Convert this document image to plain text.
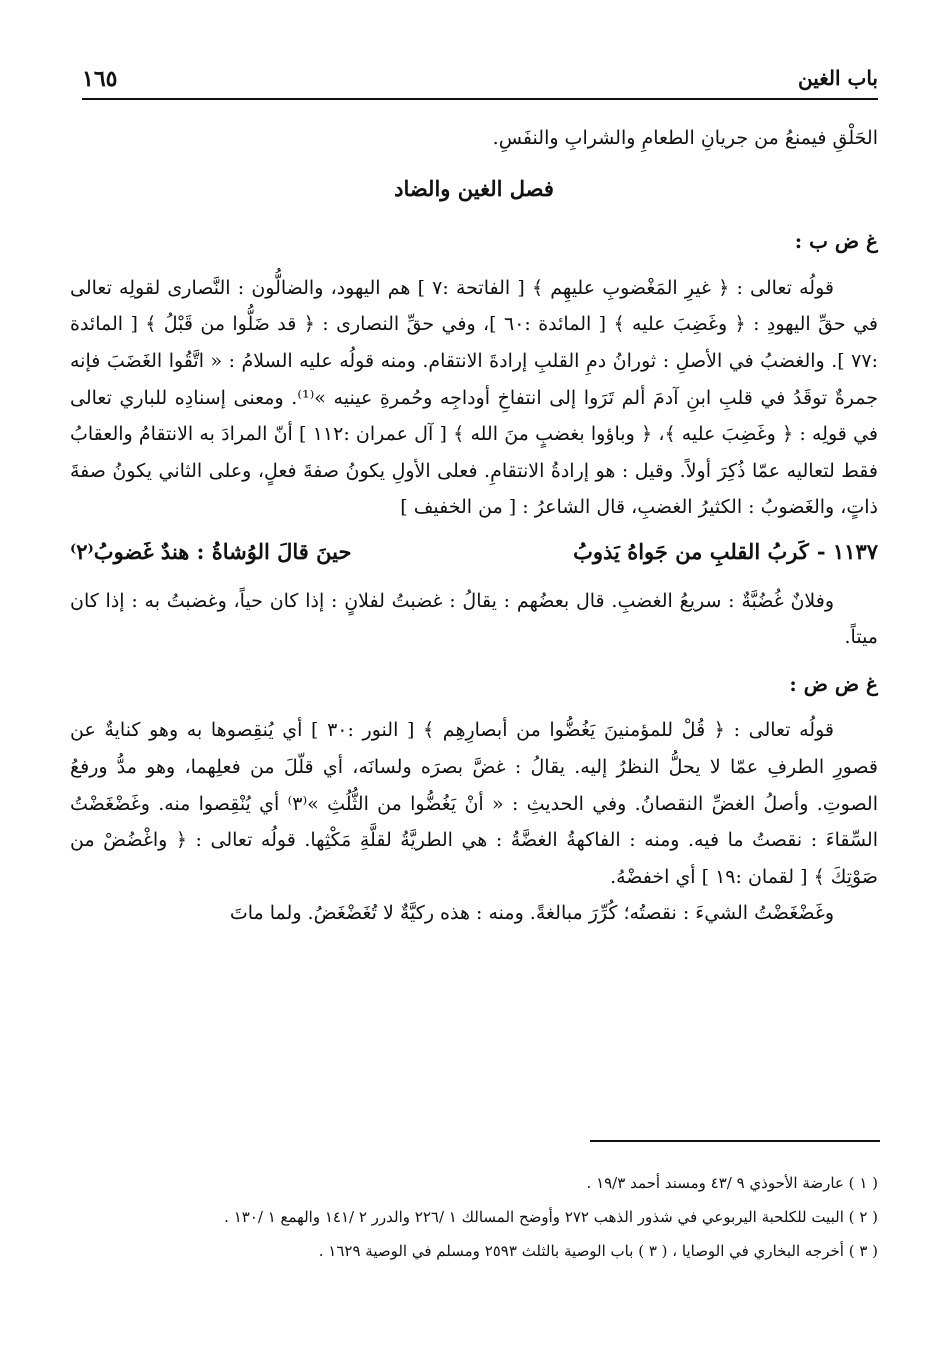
باب الغين
١٦٥

الحَلْقِ فيمنعُ من جريانِ الطعامِ والشرابِ والنفَسِ.

فصل الغين والضاد

غ ض ب :

قولُه تعالى : ﴿ غيرِ المَغْضوبِ عليهِم ﴾ [ الفاتحة :٧ ] هم اليهود، والضالُّون : النَّصارى لقولِه تعالى في حقِّ اليهودِ : ﴿ وغَضِبَ عليه ﴾ [ المائدة :٦٠ ]، وفي حقِّ النصارى : ﴿ قد ضَلُّوا من قَبْلُ ﴾ [ المائدة :٧٧ ]. والغضبُ في الأصلِ : ثورانُ دمِ القلبِ إرادةَ الانتقام. ومنه قولُه عليه السلامُ : « اتَّقُوا الغَضَبَ فإنه جمرةٌ توقَدُ في قلبِ ابنِ آدمَ ألم تَرَوا إلى انتفاخِ أوداجِه وحُمرةِ عينيه »⁽¹⁾. ومعنى إسنادِه للباري تعالى في قولِه : ﴿ وغَضِبَ عليه ﴾، ﴿ وباؤوا بغضبٍ منَ الله ﴾ [ آل عمران :١١٢ ] أنّ المرادَ به الانتقامُ والعقابُ فقط لتعاليه عمّا ذُكِرَ أولاً. وقيل : هو إرادةُ الانتقامِ. فعلى الأولِ يكونُ صفةَ فعلٍ، وعلى الثاني يكونُ صفةَ ذاتٍ، والغَضوبُ : الكثيرُ الغضبِ، قال الشاعرُ : [ من الخفيف ]

١١٣٧ -كَربُ القلبِ من جَواهُ يَذوبُ
حينَ قالَ الوُشاةُ : هندٌ غَضوبُ⁽٢⁾

وفلانٌ غُضُبَّةٌ : سريعُ الغضبِ. قال بعضُهم : يقالُ : غضبتُ لفلانٍ : إذا كان حياً، وغضبتُ به : إذا كان ميتاً.

غ ض ض :

قولُه تعالى : ﴿ قُلْ للمؤمنينَ يَغُضُّوا من أبصارِهِم ﴾ [ النور :٣٠ ] أي يُنقِصوها به وهو كنايةٌ عن قصورِ الطرفِ عمّا لا يحلُّ النظرُ إليه. يقالُ : غضَّ بصرَه ولسانَه، أي قلّلَ من فعلِهما، وهو مدُّ ورفعُ الصوتِ. وأصلُ الغضِّ النقصانُ. وفي الحديثِ : « أنْ يَغُضُّوا من الثُّلُثِ »⁽٣⁾ أي يُنْقِصوا منه. وغَضْغَضْتُ السِّقاءَ : نقصتُ ما فيه. ومنه : الفاكهةُ الغضَّةُ : هي الطريَّةُ لقلَّةِ مَكْثِها. قولُه تعالى : ﴿ واغْضُضْ من صَوْتِكَ ﴾ [ لقمان :١٩ ] أي اخفضْهُ.

وغَضْغَضْتُ الشيءَ : نقصتُه؛ كُرِّرَ مبالغةً. ومنه : هذه ركيَّةٌ لا تُغَضْغَضُ. ولما ماتَ

( ١ ) عارضة الأحوذي ٩ /٤٣ ومسند أحمد ١٩/٣ .

( ٢ ) البيت للكلحبة اليربوعي في شذور الذهب ٢٧٢ وأوضح المسالك ١ /٢٢٦ والدرر ٢ /١٤١ والهمع ١ /١٣٠ .

( ٣ ) أخرجه البخاري في الوصايا ، ( ٣ ) باب الوصية بالثلث ٢٥٩٣ ومسلم في الوصية ١٦٢٩ .
